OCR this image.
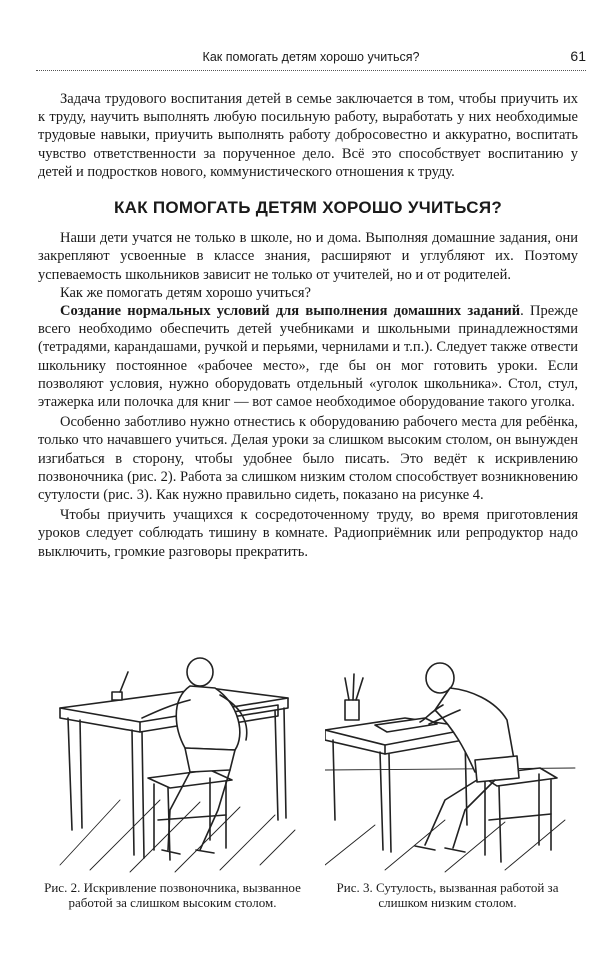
Как помогать детям хорошо учиться?	61

Задача трудового воспитания детей в семье заключается в том, чтобы приучить их к труду, научить выполнять любую посильную работу, выработать у них необходимые трудовые навыки, приучить выполнять работу добросовестно и аккуратно, воспитать чувство ответственности за порученное дело. Всё это способствует воспитанию у детей и подростков нового, коммунистического отношения к труду.

КАК ПОМОГАТЬ ДЕТЯМ ХОРОШО УЧИТЬСЯ?

Наши дети учатся не только в школе, но и дома. Выполняя домашние задания, они закрепляют усвоенные в классе знания, расширяют и углубляют их. Поэтому успеваемость школьников зависит не только от учителей, но и от родителей.

Как же помогать детям хорошо учиться?

Создание нормальных условий для выполнения домашних заданий. Прежде всего необходимо обеспечить детей учебниками и школьными принадлежностями (тетрадями, карандашами, ручкой и перьями, чернилами и т.п.). Следует также отвести школьнику постоянное «рабочее место», где бы он мог готовить уроки. Если позволяют условия, нужно оборудовать отдельный «уголок школьника». Стол, стул, этажерка или полочка для книг — вот самое необходимое оборудование такого уголка.

Особенно заботливо нужно отнестись к оборудованию рабочего места для ребёнка, только что начавшего учиться. Делая уроки за слишком высоким столом, он вынужден изгибаться в сторону, чтобы удобнее было писать. Это ведёт к искривлению позвоночника (рис. 2). Работа за слишком низким столом способствует возникновению сутулости (рис. 3). Как нужно правильно сидеть, показано на рисунке 4.

Чтобы приучить учащихся к сосредоточенному труду, во время приготовления уроков следует соблюдать тишину в комнате. Радиоприёмник или репродуктор надо выключить, громкие разговоры прекратить.

Рис. 2. Искривление позвоночника, вызванное работой за слишком высоким столом.
Рис. 3. Сутулость, вызванная работой за слишком низким столом.
